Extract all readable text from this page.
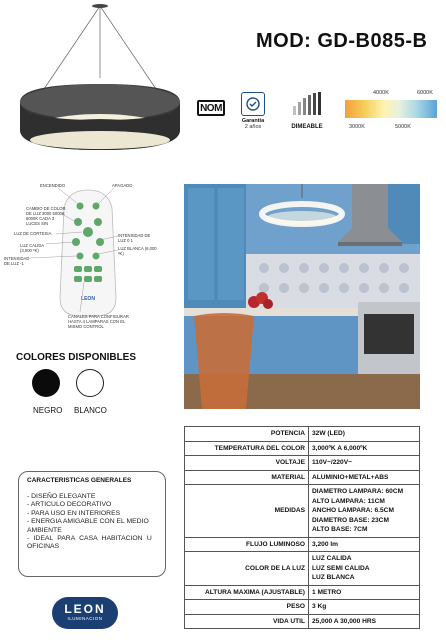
MOD: GD-B085-B
NOM
Garantía
2 años	DIMEABLE
4000K	6000K
3000K	5000K
LEON
ENCENDIDO	APAGADO
CAMBIO DE COLOR DE LUZ 3000 5000K 6000K CADA 3 LUCES SIN
LUZ DE CORTESIA
LUZ CALIDA (3,000 ºK)
INTENSIDAD DE LUZ -1
INTENSIDAD DE LUZ 0 1
LUZ BLANCA (6,000 ºK)
CANALES PARA CONFIGURAR HASTA 4 LAMPARAS CON EL MISMO CONTROL
COLORES DISPONIBLES
NEGRO BLANCO
POTENCIA	32W (LED)

TEMPERATURA DEL COLOR	3,000ºK A 6,000ºK

VOLTAJE	110V~/220V~

MATERIAL	ALUMINIO+METAL+ABS

MEDIDAS	DIAMETRO LAMPARA: 60CM
ALTO LAMPARA: 11CM
ANCHO LAMPARA: 6.5CM
DIAMETRO BASE: 23CM
ALTO BASE: 7CM

FLUJO LUMINOSO	3,200 lm

COLOR DE LA LUZ	LUZ CALIDA
LUZ SEMI CALIDA
LUZ BLANCA

ALTURA MAXIMA (AJUSTABLE)	1 METRO

PESO	3 Kg

VIDA UTIL	25,000 A 30,000 HRS
CARACTERISTICAS GENERALES
- DISEÑO ELEGANTE
- ARTICULO DECORATIVO
- PARA USO EN INTERIORES
- ENERGIA AMIGABLE CON EL MEDIO AMBIENTE
- IDEAL PARA CASA HABITACION U OFICINAS
LEON
ILUMINACION
